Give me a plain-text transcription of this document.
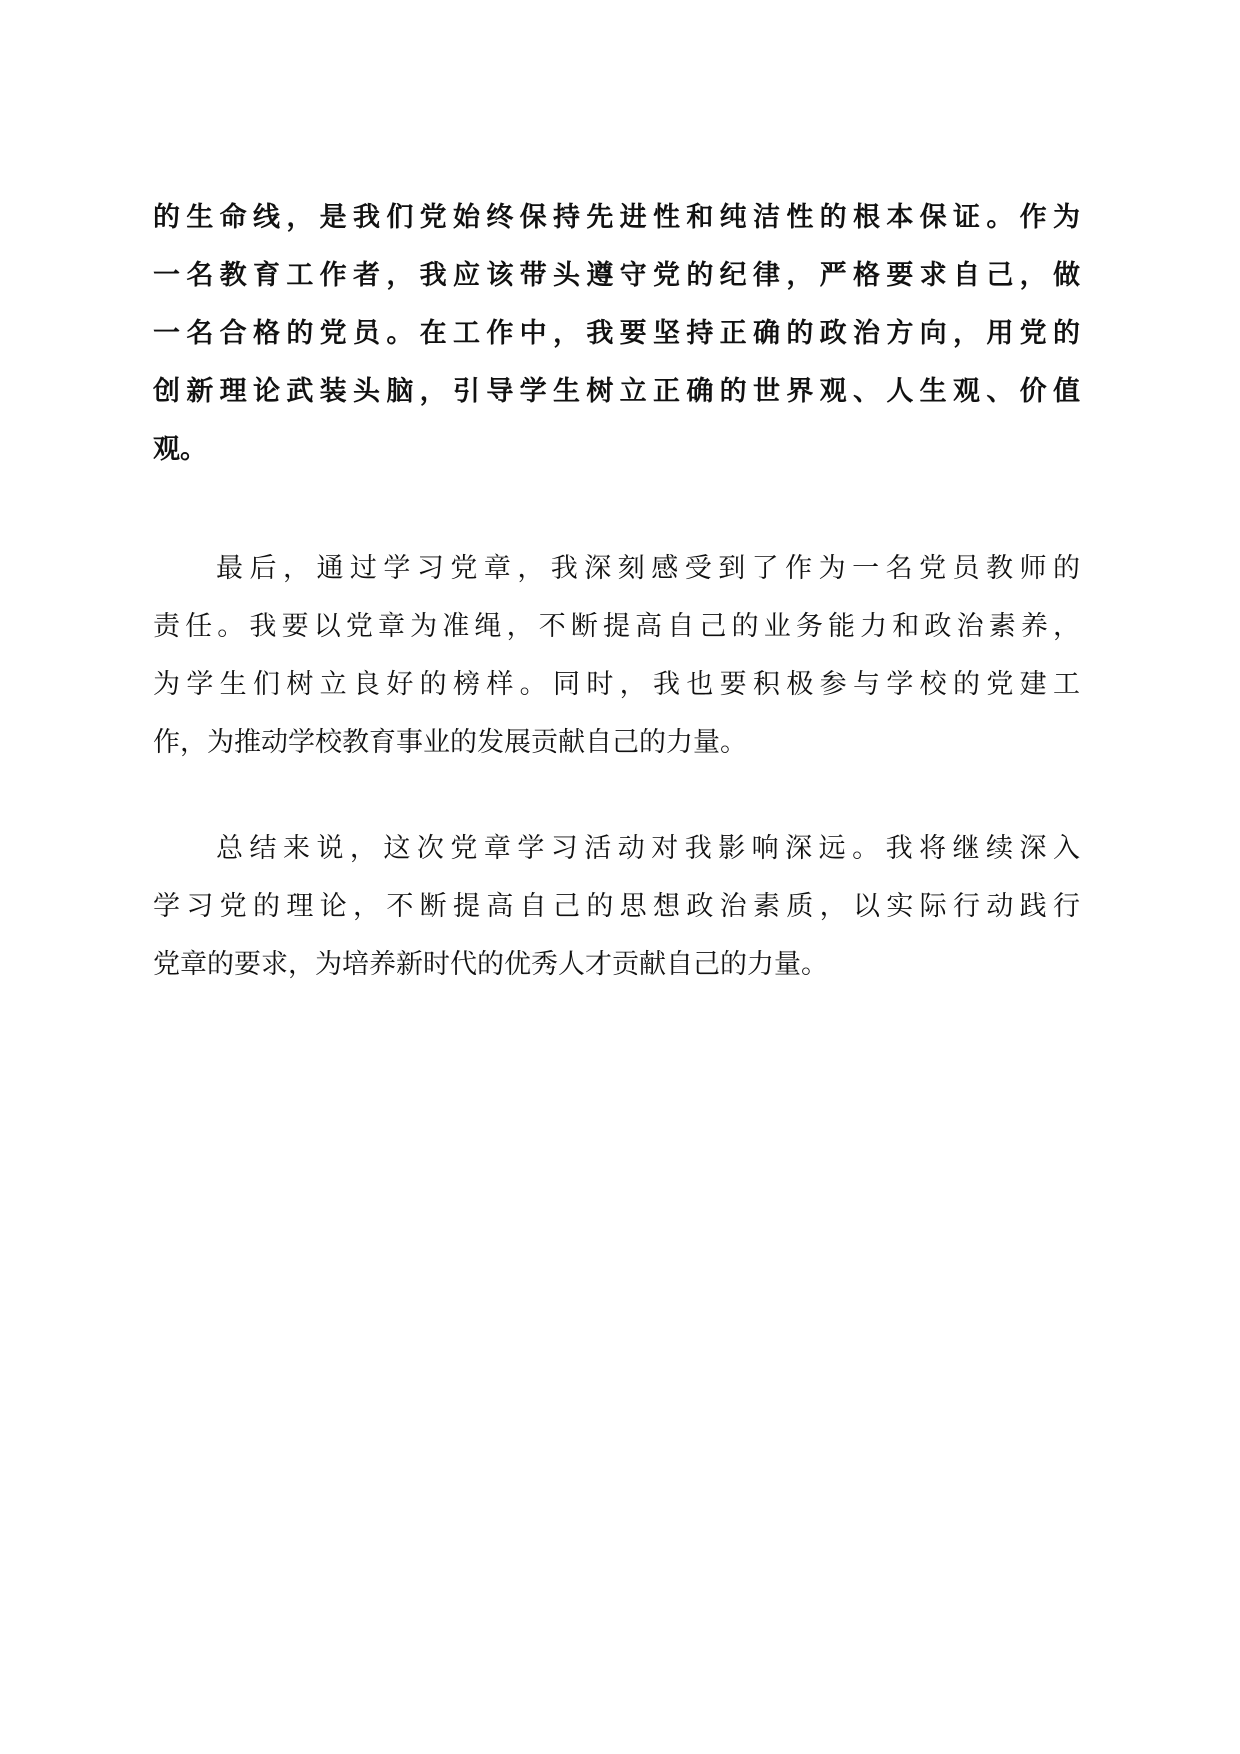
的生命线，是我们党始终保持先进性和纯洁性的根本保证。作为
一名教育工作者，我应该带头遵守党的纪律，严格要求自己，做
一名合格的党员。在工作中，我要坚持正确的政治方向，用党的
创新理论武装头脑，引导学生树立正确的世界观、人生观、价值
观。
最后，通过学习党章，我深刻感受到了作为一名党员教师的
责任。我要以党章为准绳，不断提高自己的业务能力和政治素养，
为学生们树立良好的榜样。同时，我也要积极参与学校的党建工
作，为推动学校教育事业的发展贡献自己的力量。
总结来说，这次党章学习活动对我影响深远。我将继续深入
学习党的理论，不断提高自己的思想政治素质，以实际行动践行
党章的要求，为培养新时代的优秀人才贡献自己的力量。
